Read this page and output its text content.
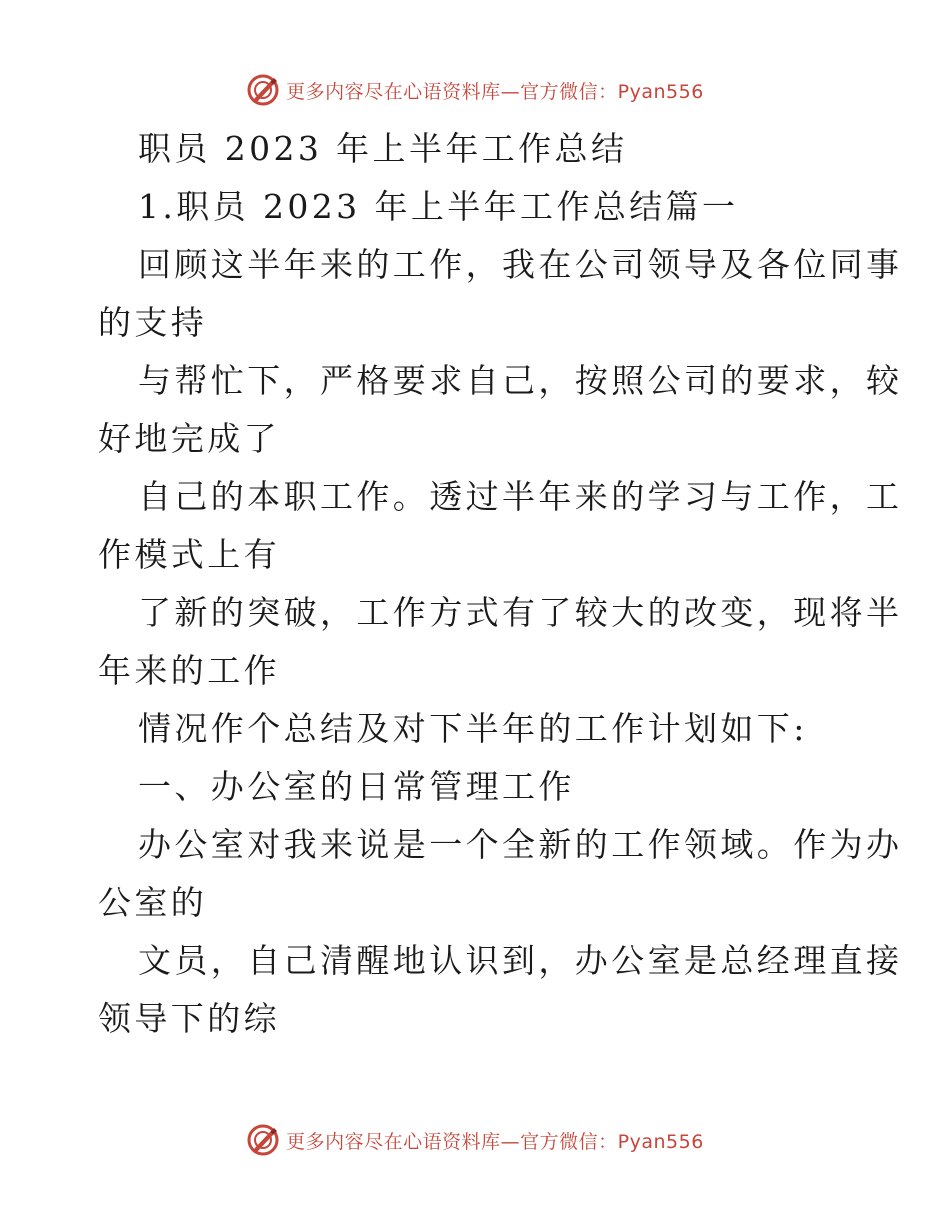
更多内容尽在心语资料库—官方微信：Pyan556

职员 2023 年上半年工作总结

1.职员 2023 年上半年工作总结篇一

回顾这半年来的工作，我在公司领导及各位同事
的支持

与帮忙下，严格要求自己，按照公司的要求，较
好地完成了

自己的本职工作。透过半年来的学习与工作，工
作模式上有

了新的突破，工作方式有了较大的改变，现将半
年来的工作

情况作个总结及对下半年的工作计划如下:

一、办公室的日常管理工作

办公室对我来说是一个全新的工作领域。作为办
公室的

文员，自己清醒地认识到，办公室是总经理直接
领导下的综

更多内容尽在心语资料库—官方微信：Pyan556
